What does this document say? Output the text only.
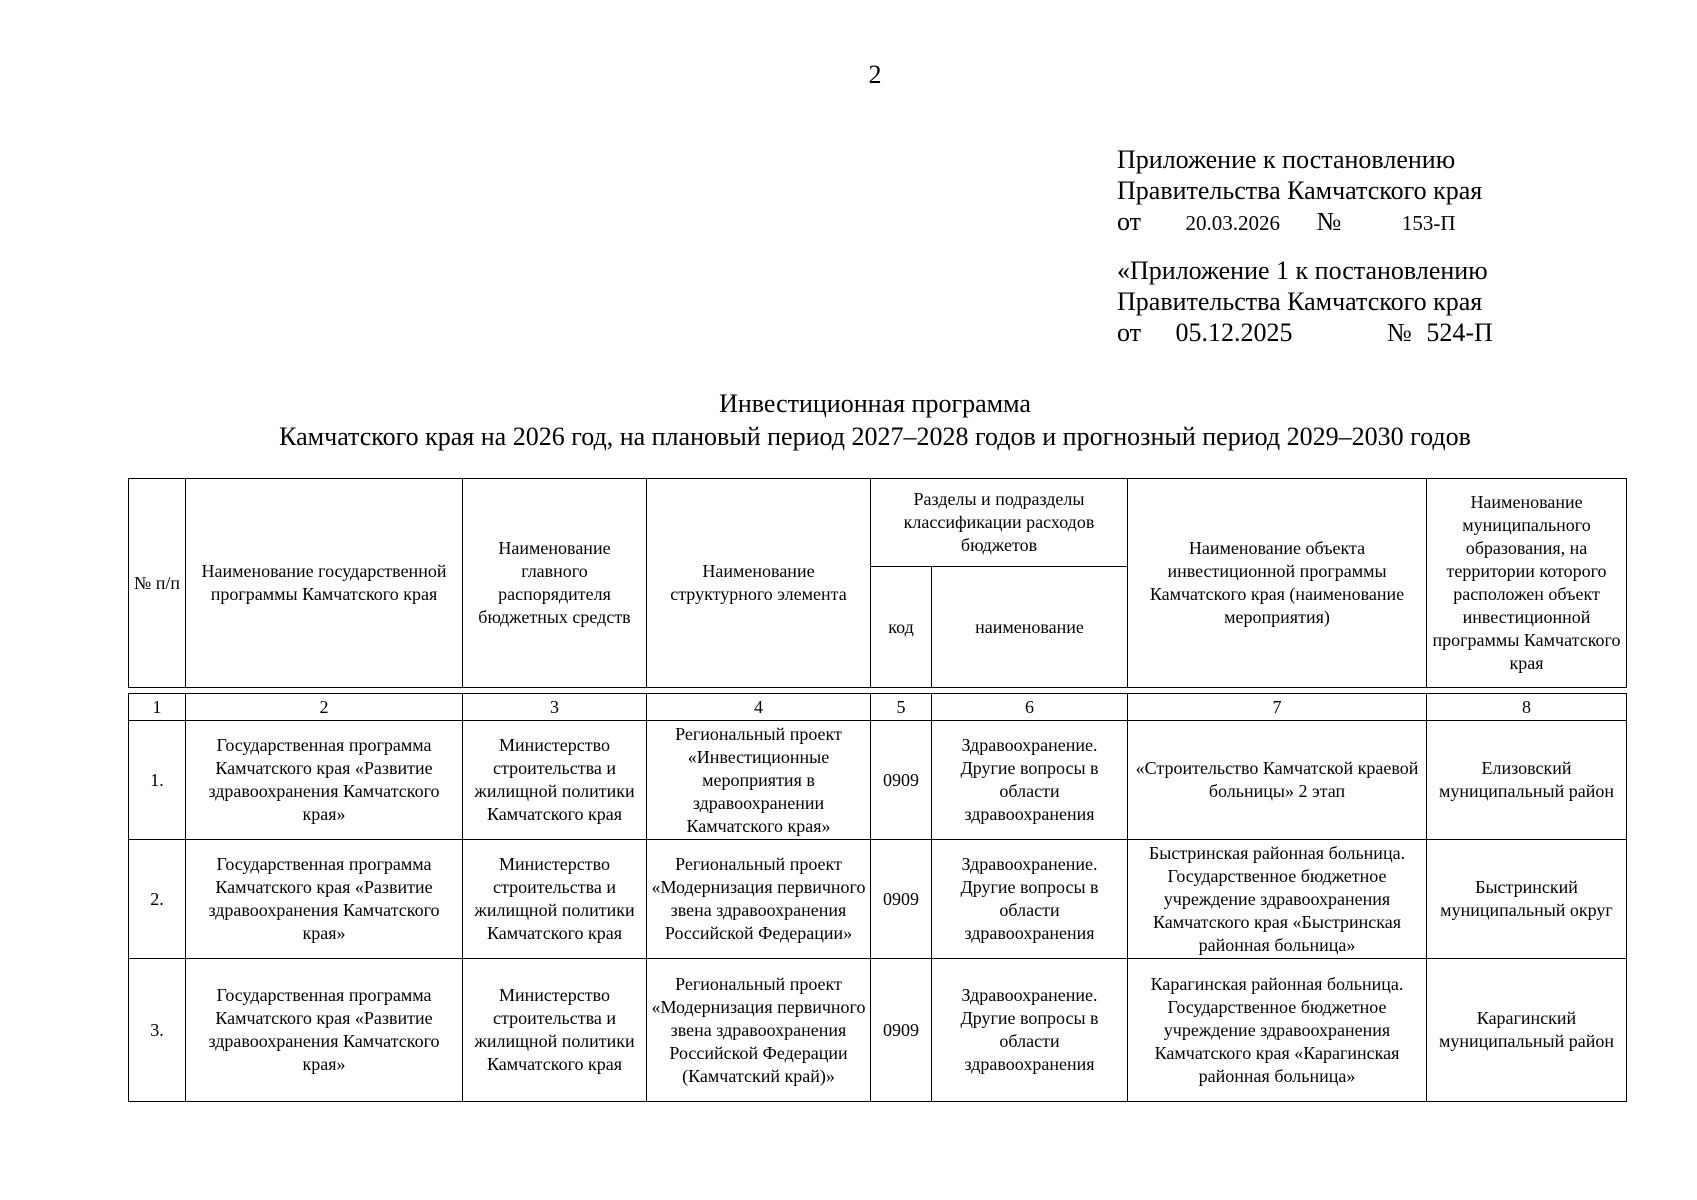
2
Приложение к постановлению
Правительства Камчатского края
от 20.03.2026 №	153-П
«Приложение 1 к постановлению
Правительства Камчатского края
от 05.12.2025	№ 524-П
Инвестиционная программа
Камчатского края на 2026 год, на плановый период 2027–2028 годов и прогнозный период 2029–2030 годов
№ п/п	Наименование государственной программы Камчатского края	Наименование главного распорядителя бюджетных средств	Наименование структурного элемента	Разделы и подразделы классификации расходов бюджетов		Наименование объекта инвестиционной программы Камчатского края (наименование мероприятия)	Наименование муниципального образования, на территории которого расположен объект инвестиционной программы Камчатского края
				код	наименование		
1	2	3	4	5	6	7	8
1.	Государственная программа Камчатского края «Развитие здравоохранения Камчатского края»	Министерство строительства и жилищной политики Камчатского края	Региональный проект «Инвестиционные мероприятия в здравоохранении Камчатского края»	0909	Здравоохранение. Другие вопросы в области здравоохранения	«Строительство Камчатской краевой больницы» 2 этап	Елизовский муниципальный район
2.	Государственная программа Камчатского края «Развитие здравоохранения Камчатского края»	Министерство строительства и жилищной политики Камчатского края	Региональный проект «Модернизация первичного звена здравоохранения Российской Федерации»	0909	Здравоохранение. Другие вопросы в области здравоохранения	Быстринская районная больница. Государственное бюджетное учреждение здравоохранения Камчатского края «Быстринская районная больница»	Быстринский муниципальный округ
3.	Государственная программа Камчатского края «Развитие здравоохранения Камчатского края»	Министерство строительства и жилищной политики Камчатского края	Региональный проект «Модернизация первичного звена здравоохранения Российской Федерации (Камчатский край)»	0909	Здравоохранение. Другие вопросы в области здравоохранения	Карагинская районная больница. Государственное бюджетное учреждение здравоохранения Камчатского края «Карагинская районная больница»	Карагинский муниципальный район
